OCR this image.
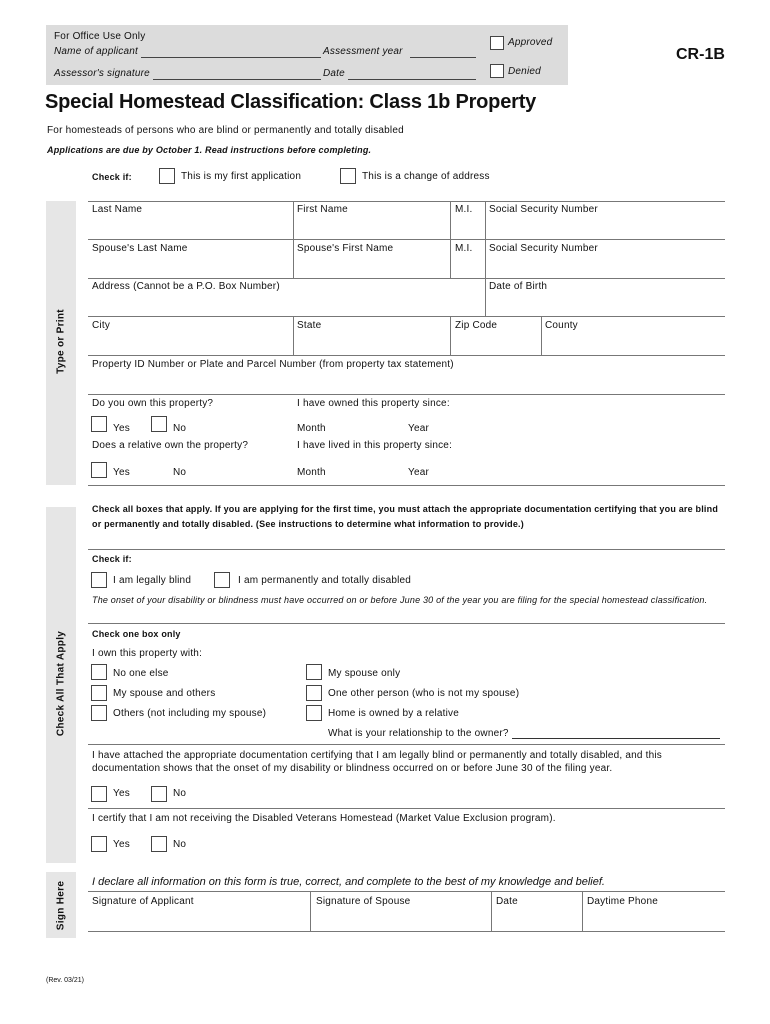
For Office Use Only
Name of applicant	Assessment year
Assessor's signature	Date
Approved
Denied
CR-1B
Special Homestead Classification: Class 1b Property
For homesteads of persons who are blind or permanently and totally disabled
Applications are due by October 1. Read instructions before completing.
Check if:	This is my first application	This is a change of address
Type or Print
Last Name	First Name	M.I. Social Security Number
Spouse's Last Name	Spouse's First Name	M.I. Social Security Number
Address (Cannot be a P.O. Box Number)	Date of Birth
City	State	Zip Code	County
Property ID Number or Plate and Parcel Number (from property tax statement)
Do you own this property?	I have owned this property since:
Yes	No	Month	Year
Does a relative own the property?	I have lived in this property since:
Yes	No	Month	Year
Check All That Apply
Check all boxes that apply. If you are applying for the first time, you must attach the appropriate documentation certifying that you are blind or permanently and totally disabled. (See instructions to determine what information to provide.)
Check if:
I am legally blind	I am permanently and totally disabled
The onset of your disability or blindness must have occurred on or before June 30 of the year you are filing for the special homestead classification.
Check one box only
I own this property with:
No one else	My spouse only
My spouse and others	One other person (who is not my spouse)
Others (not including my spouse)	Home is owned by a relative
What is your relationship to the owner?
I have attached the appropriate documentation certifying that I am legally blind or permanently and totally disabled, and this documentation shows that the onset of my disability or blindness occurred on or before June 30 of the filing year.
Yes	No
I certify that I am not receiving the Disabled Veterans Homestead (Market Value Exclusion program).
Yes	No
Sign Here I declare all information on this form is true, correct, and complete to the best of my knowledge and belief.
Signature of Applicant	Signature of Spouse	Date	Daytime Phone
(Rev. 03/21)
